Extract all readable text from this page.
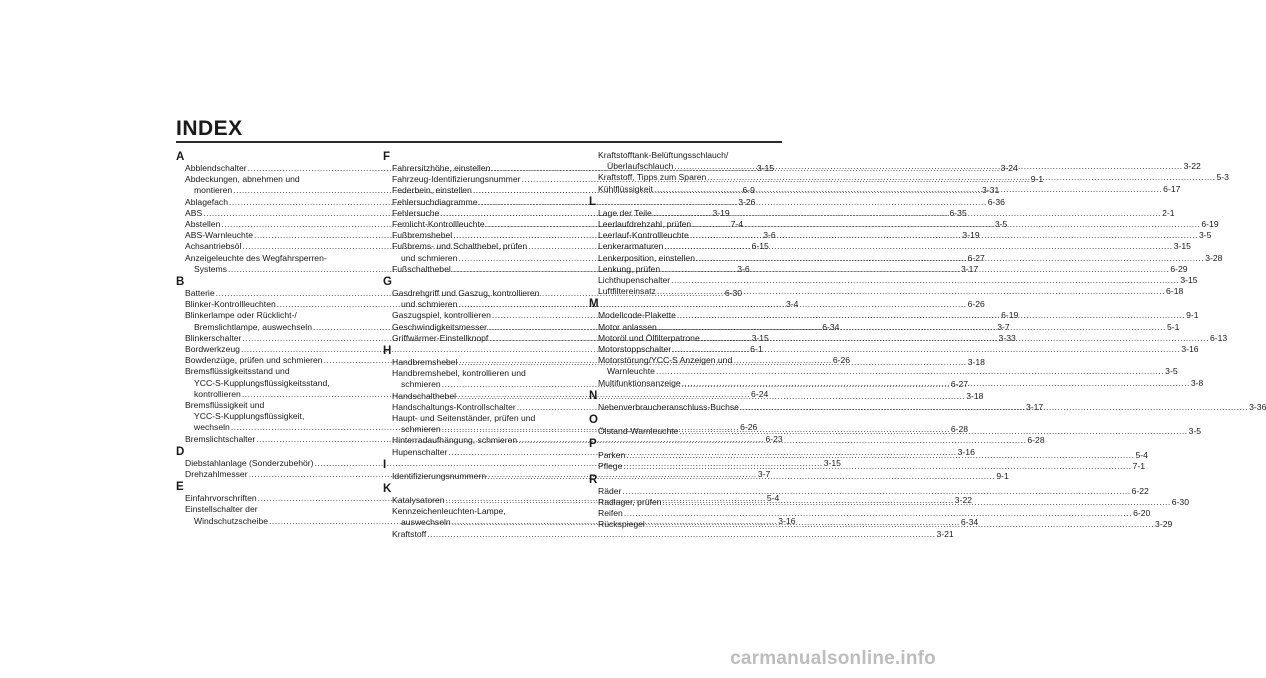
INDEX
A
Abblendschalter .....	3-15
Abdeckungen, abnehmen und
montieren .....	6-9
Ablagefach .....	3-26
ABS .....	3-19
Abstellen .....	7-4
ABS-Warnleuchte .....	3-6
Achsantriebsöl .....	6-15
Anzeigeleuchte des Wegfahrsperren-
Systems .....	3-6
B
Batterie .....	6-30
Blinker-Kontrollleuchten .....	3-4
Blinkerlampe oder Rücklicht-/
Bremslichtlampe, auswechseln .....	6-34
Blinkerschalter .....	3-15
Bordwerkzeug .....	6-1
Bowdenzüge, prüfen und schmieren .....	6-26
Bremsflüssigkeitsstand und
YCC-S-Kupplungsflüssigkeitsstand,
kontrollieren .....	6-24
Bremsflüssigkeit und
YCC-S-Kupplungsflüssigkeit,
wechseln .....	6-26
Bremslichtschalter .....	6-23
D
Diebstahlanlage (Sonderzubehör) .....	3-15
Drehzahlmesser .....	3-7
E
Einfahrvorschriften .....	5-4
Einstellschalter der
Windschutzscheibe .....	3-16
F
Fahrersitzhöhe, einstellen .....	3-24
Fahrzeug-Identifizierungsnummer .....	9-1
Federbein, einstellen .....	3-31
Fehlersuchdiagramme .....	6-36
Fehlersuche .....	6-35
Fernlicht-Kontrollleuchte .....	3-5
Fußbremshebel .....	3-19
Fußbrems- und Schalthebel, prüfen
und schmieren .....	6-27
Fußschalthebel .....	3-17
G
Gasdrehgriff und Gaszug, kontrollieren
und schmieren .....	6-26
Gaszugspiel, kontrollieren .....	6-19
Geschwindigkeitsmesser .....	3-7
Griffwärmer-Einstellknopf .....	3-33
H
Handbremshebel .....	3-18
Handbremshebel, kontrollieren und
schmieren .....	6-27
Handschalthebel .....	3-18
Handschaltungs-Kontrollschalter .....	3-17
Haupt- und Seitenständer, prüfen und
schmieren .....	6-28
Hinterradaufhängung, schmieren .....	6-28
Hupenschalter .....	3-16
I
Identifizierungsnummern .....	9-1
K
Katalysatoren .....	3-22
Kennzeichenleuchten-Lampe,
auswechseln .....	6-34
Kraftstoff .....	3-21
Kraftstofftank-Belüftungsschlauch/
Überlaufschlauch .....	3-22
Kraftstoff, Tipps zum Sparen .....	5-3
Kühlflüssigkeit .....	6-17
L
Lage der Teile .....	2-1
Leerlaufdrehzahl, prüfen .....	6-19
Leerlauf-Kontrollleuchte .....	3-5
Lenkerarmaturen .....	3-15
Lenkerposition, einstellen .....	3-28
Lenkung, prüfen .....	6-29
Lichthupenschalter .....	3-15
Luftfiltereinsatz .....	6-18
M
Modellcode-Plakette .....	9-1
Motor anlassen .....	5-1
Motoröl und Ölfilterpatrone .....	6-13
Motorstoppschalter .....	3-16
Motorstörung/YCC-S Anzeigen und
Warnleuchte .....	3-5
Multifunktionsanzeige .....	3-8
N
Nebenverbraucheranschluss-Buchse .....	3-36
O
Ölstand-Warnleuchte .....	3-5
P
Parken .....	5-4
Pflege .....	7-1
R
Räder .....	6-22
Radlager, prüfen .....	6-30
Reifen .....	6-20
Rückspiegel .....	3-29
carmanualsonline.info
